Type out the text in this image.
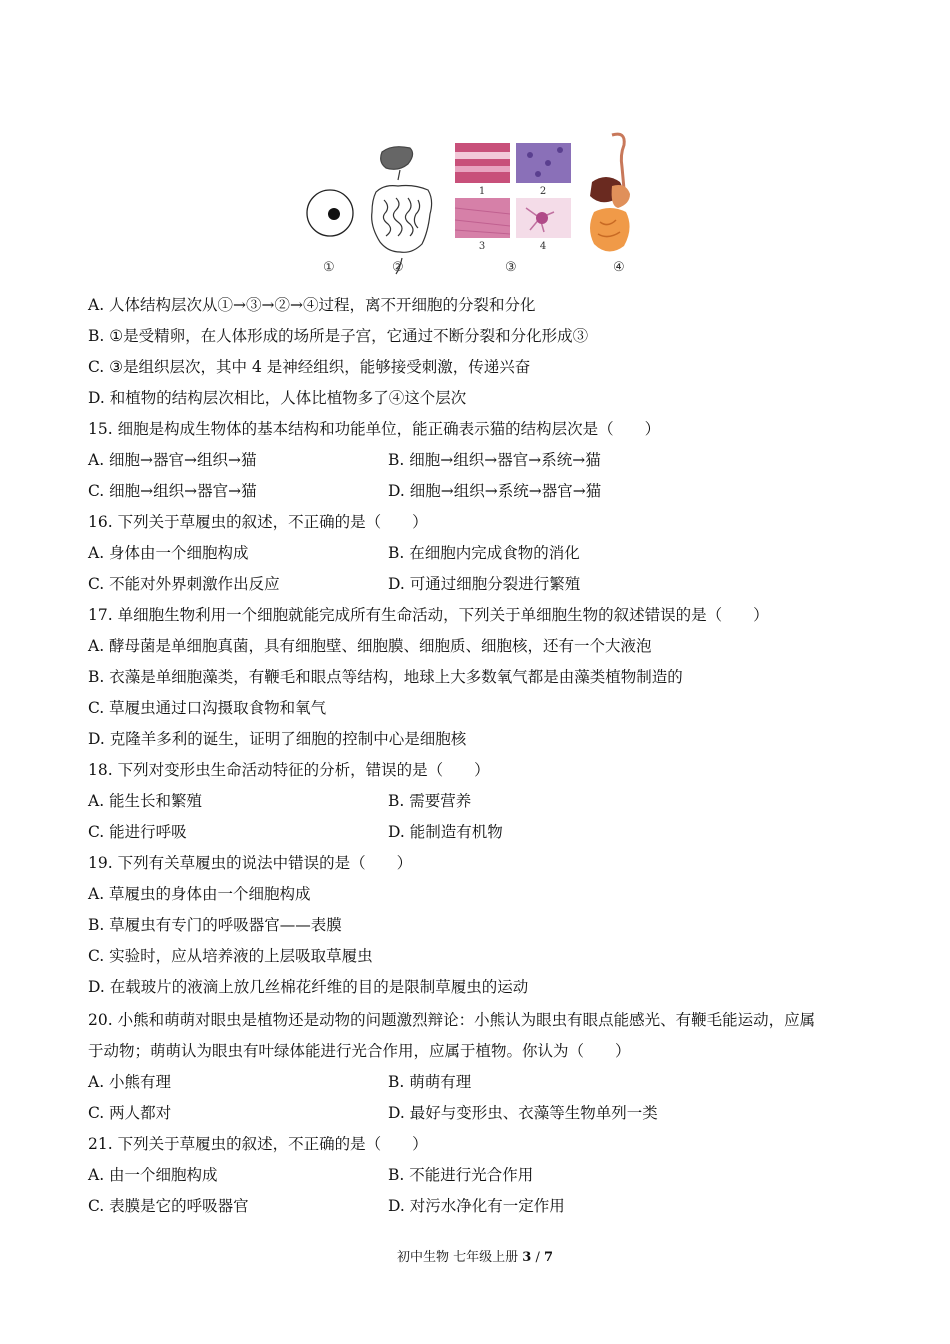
1	2
3	4
①	②	③	④
A. 人体结构层次从①→③→②→④过程，离不开细胞的分裂和分化
B. ①是受精卵，在人体形成的场所是子宫，它通过不断分裂和分化形成③
C. ③是组织层次，其中 4 是神经组织，能够接受刺激，传递兴奋
D. 和植物的结构层次相比，人体比植物多了④这个层次
15. 细胞是构成生物体的基本结构和功能单位，能正确表示猫的结构层次是（　　）
A. 细胞→器官→组织→猫	B. 细胞→组织→器官→系统→猫
C. 细胞→组织→器官→猫	D. 细胞→组织→系统→器官→猫
16. 下列关于草履虫的叙述，不正确的是（　　）
A. 身体由一个细胞构成	B. 在细胞内完成食物的消化
C. 不能对外界刺激作出反应	D. 可通过细胞分裂进行繁殖
17. 单细胞生物利用一个细胞就能完成所有生命活动，下列关于单细胞生物的叙述错误的是（　　）
A. 酵母菌是单细胞真菌，具有细胞壁、细胞膜、细胞质、细胞核，还有一个大液泡
B. 衣藻是单细胞藻类，有鞭毛和眼点等结构，地球上大多数氧气都是由藻类植物制造的
C. 草履虫通过口沟摄取食物和氧气
D. 克隆羊多利的诞生，证明了细胞的控制中心是细胞核
18. 下列对变形虫生命活动特征的分析，错误的是（　　）
A. 能生长和繁殖	B. 需要营养
C. 能进行呼吸	D. 能制造有机物
19. 下列有关草履虫的说法中错误的是（　　）
A. 草履虫的身体由一个细胞构成
B. 草履虫有专门的呼吸器官——表膜
C. 实验时，应从培养液的上层吸取草履虫
D. 在载玻片的液滴上放几丝棉花纤维的目的是限制草履虫的运动
20. 小熊和萌萌对眼虫是植物还是动物的问题激烈辩论：小熊认为眼虫有眼点能感光、有鞭毛能运动，应属
于动物；萌萌认为眼虫有叶绿体能进行光合作用，应属于植物。你认为（　　）
A. 小熊有理	B. 萌萌有理
C. 两人都对	D. 最好与变形虫、衣藻等生物单列一类
21. 下列关于草履虫的叙述，不正确的是（　　）
A. 由一个细胞构成	B. 不能进行光合作用
C. 表膜是它的呼吸器官	D. 对污水净化有一定作用
初中生物 七年级上册 3 / 7
